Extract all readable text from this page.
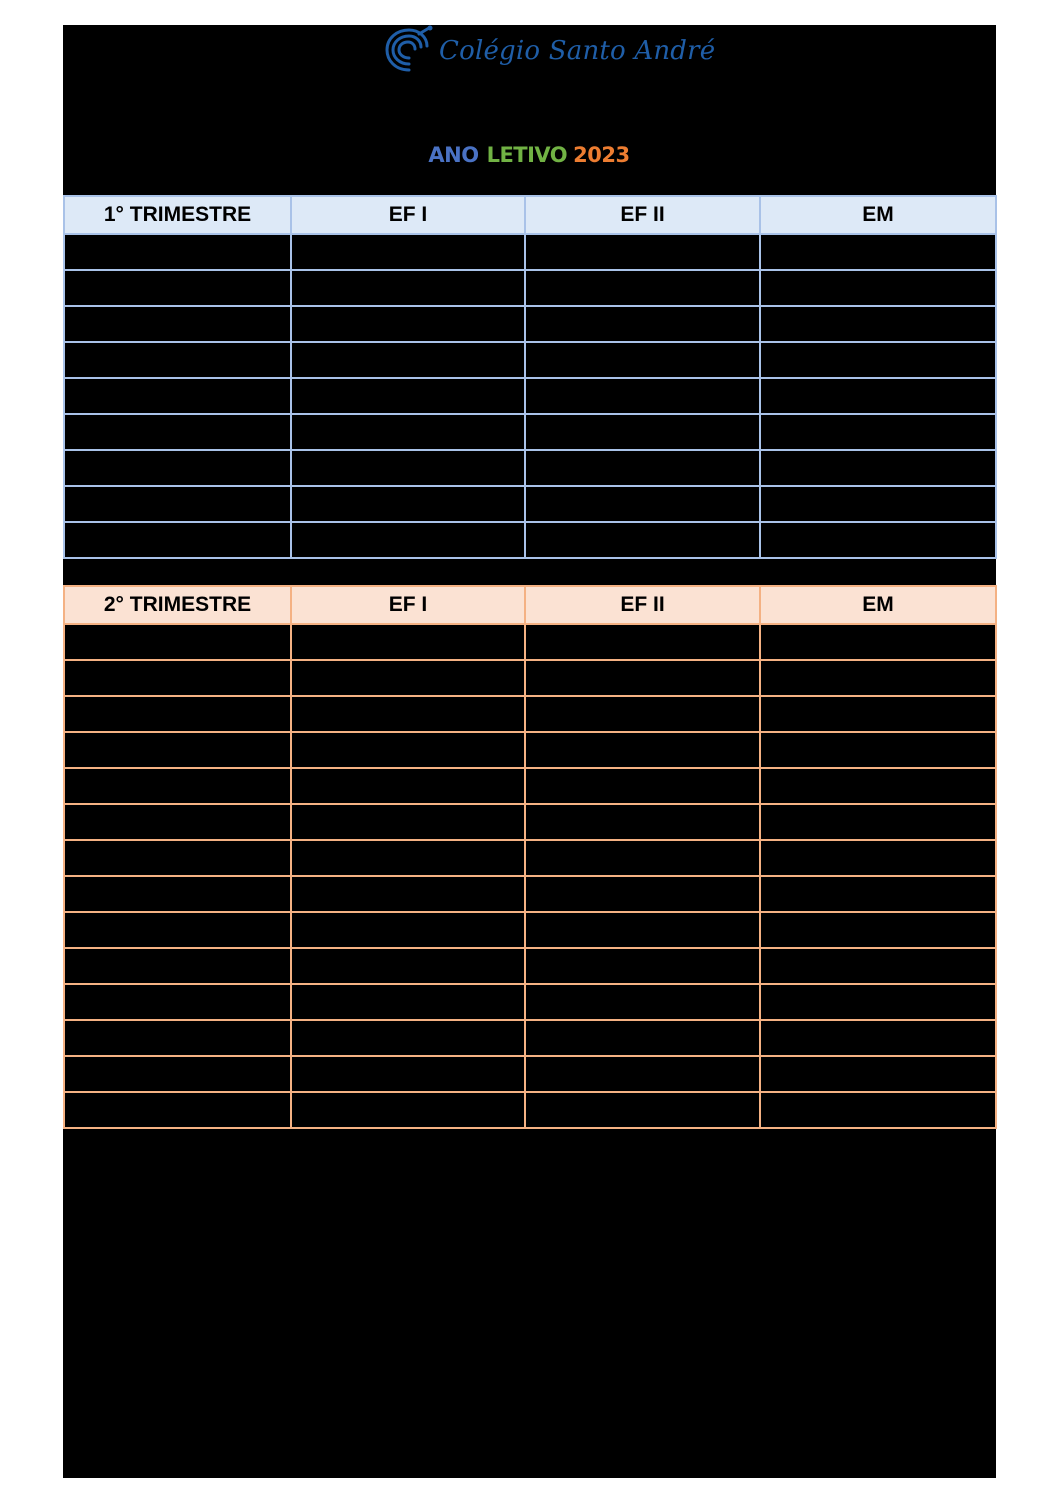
Colégio Santo André
ANO LETIVO 2023
1° TRIMESTRE	EF I	EF II	EM

2° TRIMESTRE	EF I	EF II	EM
